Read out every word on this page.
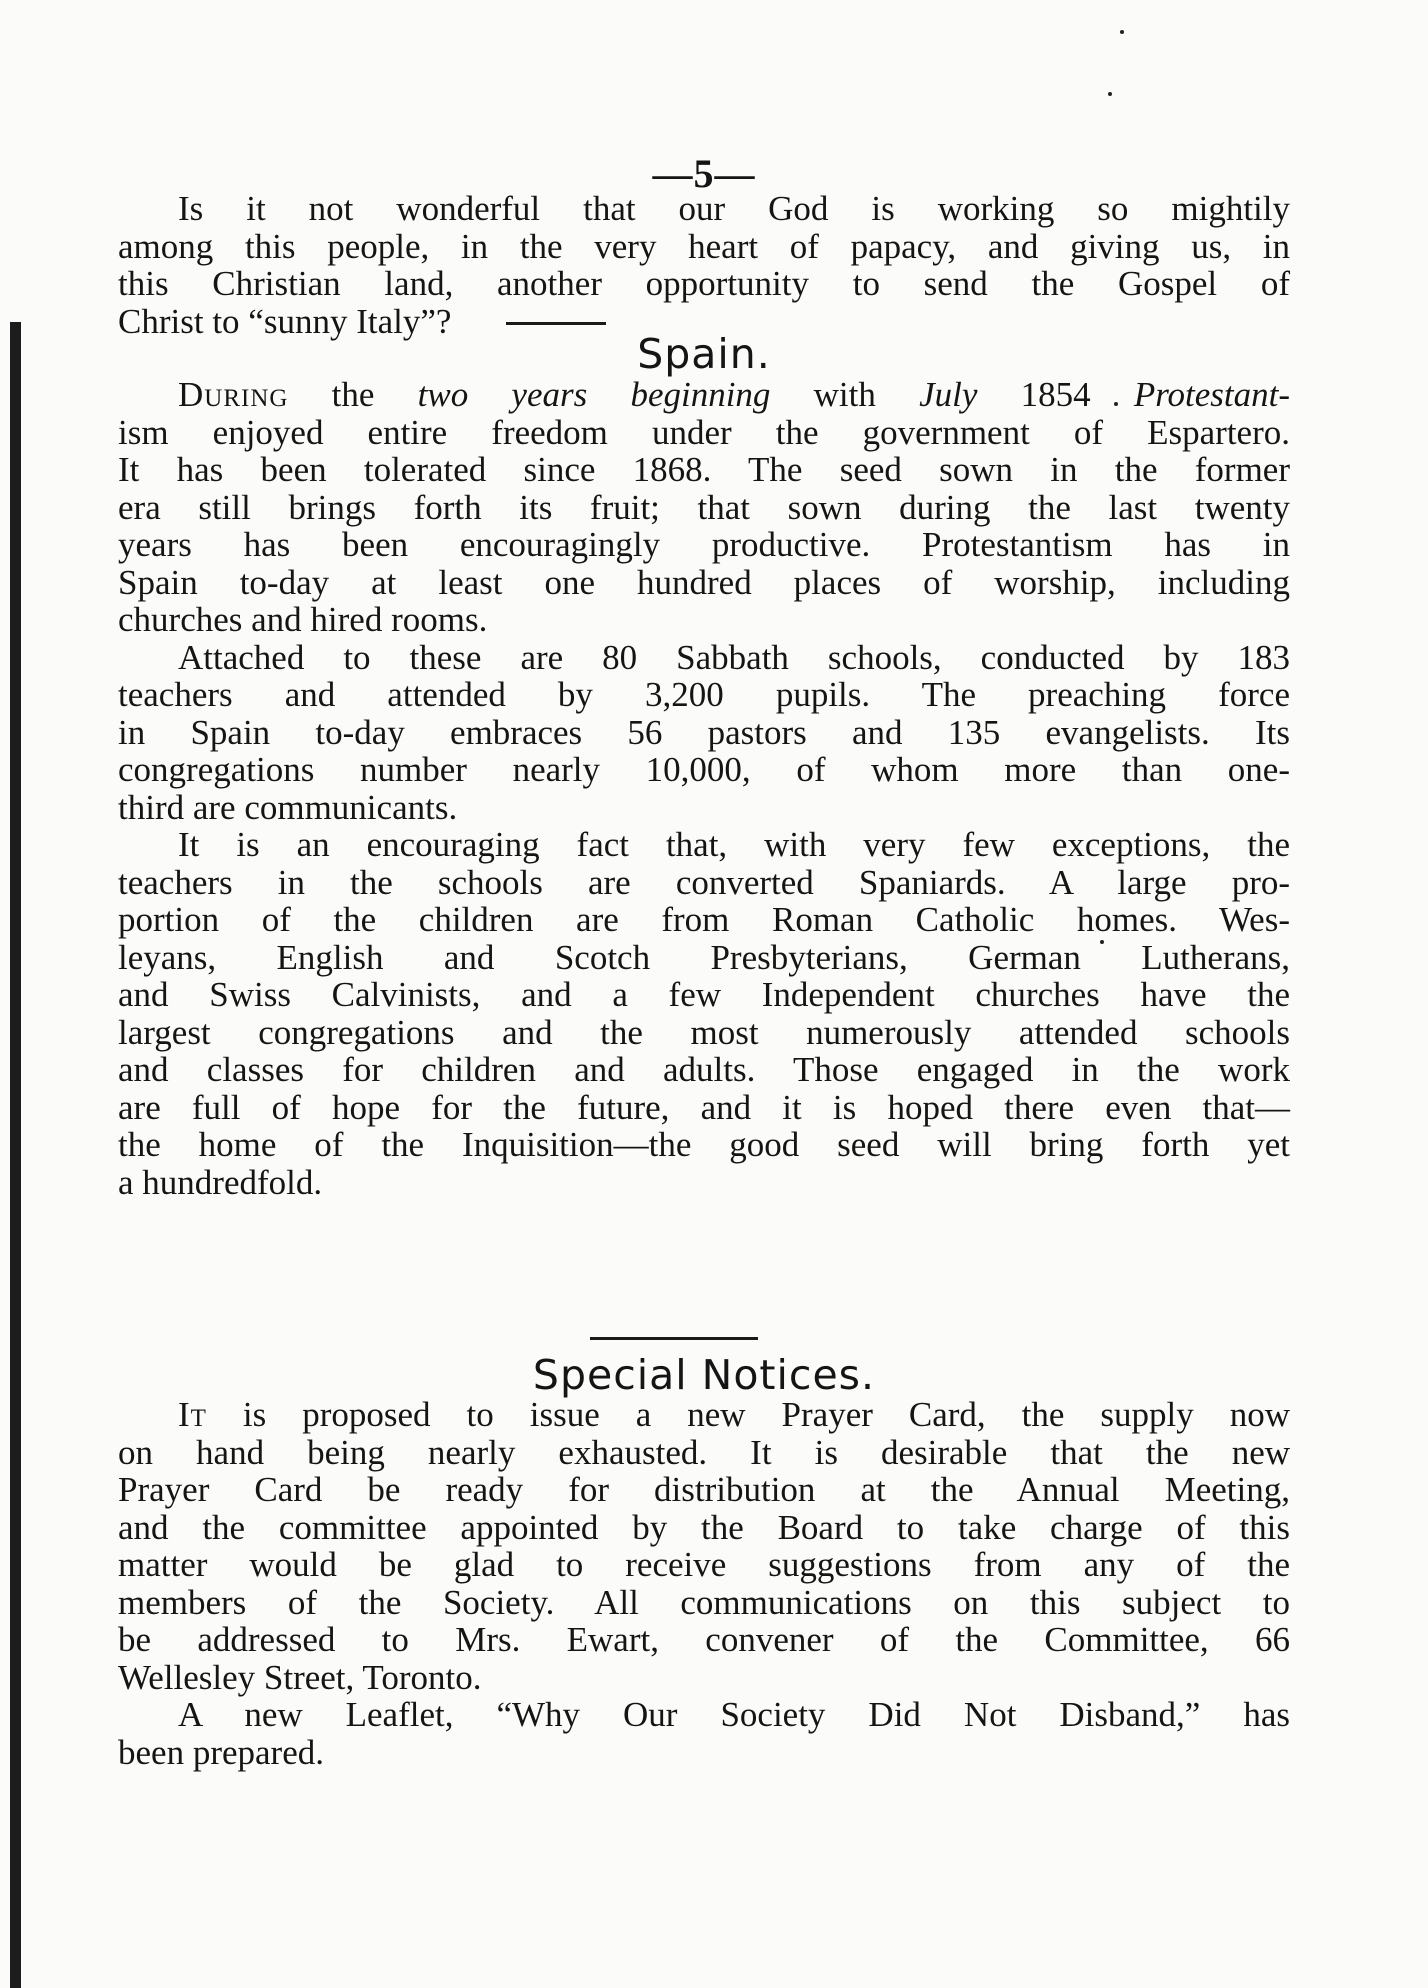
—5—
Is it not wonderful that our God is working so mightily
among this people, in the very heart of papacy, and giving us, in
this Christian land, another opportunity to send the Gospel of
Christ to “sunny Italy”?
Spain.
During the two years beginning with July 1854 Protestant-
ism enjoyed entire freedom under the government of Espartero.
It has been tolerated since 1868. The seed sown in the former
era still brings forth its fruit; that sown during the last twenty
years has been encouragingly productive. Protestantism has in
Spain to-day at least one hundred places of worship, including
churches and hired rooms.
Attached to these are 80 Sabbath schools, conducted by 183
teachers and attended by 3,200 pupils. The preaching force
in Spain to-day embraces 56 pastors and 135 evangelists. Its
congregations number nearly 10,000, of whom more than one-
third are communicants.
It is an encouraging fact that, with very few exceptions, the
teachers in the schools are converted Spaniards. A large pro-
portion of the children are from Roman Catholic homes. Wes-
leyans, English and Scotch Presbyterians, German Lutherans,
and Swiss Calvinists, and a few Independent churches have the
largest congregations and the most numerously attended schools
and classes for children and adults. Those engaged in the work
are full of hope for the future, and it is hoped there even that—
the home of the Inquisition—the good seed will bring forth yet
a hundredfold.
Special Notices.
It is proposed to issue a new Prayer Card, the supply now
on hand being nearly exhausted. It is desirable that the new
Prayer Card be ready for distribution at the Annual Meeting,
and the committee appointed by the Board to take charge of this
matter would be glad to receive suggestions from any of the
members of the Society. All communications on this subject to
be addressed to Mrs. Ewart, convener of the Committee, 66
Wellesley Street, Toronto.
A new Leaflet, “Why Our Society Did Not Disband,” has
been prepared.
